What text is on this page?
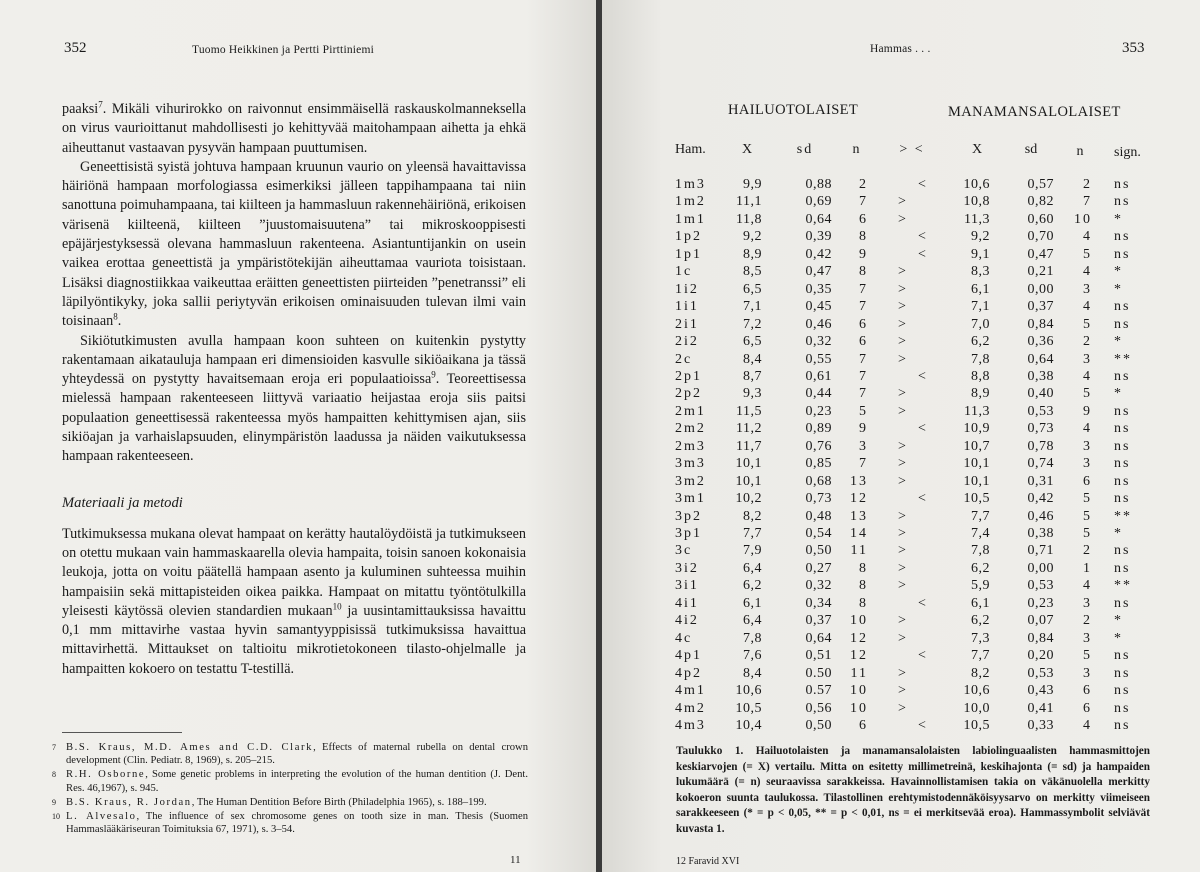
352	Tuomo Heikkinen ja Pertti Pirttiniemi

paaksi$^7$. Mikäli vihurirokko on raivonnut ensimmäisellä raskauskolmanneksella on virus vaurioittanut mahdollisesti jo kehittyvää maitohampaan aihetta ja ehkä aiheuttanut vastaavan pysyvän hampaan puuttumisen.

Geneettisistä syistä johtuva hampaan kruunun vaurio on yleensä havaittavissa häiriönä hampaan morfologiassa esimerkiksi jälleen tappihampaana tai niin sanottuna poimuhampaana, tai kiilteen ja hammasluun rakennehäiriönä, erikoisen värisenä kiilteenä, kiilteen ”juustomaisuutena” tai mikroskooppisesti epäjärjestyksessä olevana hammasluun rakenteena. Asiantuntijankin on usein vaikea erottaa geneettistä ja ympäristötekijän aiheuttamaa vauriota toisistaan. Lisäksi diagnostiikkaa vaikeuttaa eräitten geneettisten piirteiden ”penetranssi” eli läpilyöntikyky, joka sallii periytyvän erikoisen ominaisuuden tulevan ilmi vain toisinaan$^8$.

Sikiötutkimusten avulla hampaan koon suhteen on kuitenkin pystytty rakentamaan aikatauluja hampaan eri dimensioiden kasvulle sikiöaikana ja tässä yhteydessä on pystytty havaitsemaan eroja eri populaatioissa$^9$. Teoreettisessa mielessä hampaan rakenteeseen liittyvä variaatio heijastaa eroja siis paitsi populaation geneettisessä rakenteessa myös hampaitten kehittymisen ajan, siis sikiöajan ja varhaislapsuuden, elinympäristön laadussa ja näiden vaikutuksessa hampaan rakenteeseen.

Materiaali ja metodi

Tutkimuksessa mukana olevat hampaat on kerätty hautalöydöistä ja tutkimukseen on otettu mukaan vain hammaskaarella olevia hampaita, toisin sanoen kokonaisia leukoja, jotta on voitu päätellä hampaan asento ja kuluminen suhteessa muihin hampaisiin sekä mittapisteiden oikea paikka. Hampaat on mitattu työntötulkilla yleisesti käytössä olevien standardien mukaan$^{10}$ ja uusintamittauksissa havaittu 0,1 mm mittavirhe vastaa hyvin samantyyppisissä tutkimuksissa havaittua mittavirhettä. Mittaukset on taltioitu mikrotietokoneen tilasto-ohjelmalle ja hampaitten kokoero on testattu T-testillä.

7 B.S. Kraus, M.D. Ames and C.D. Clark, Effects of maternal rubella on dental crown development (Clin. Pediatr. 8, 1969), s. 205–215.

8 R.H. Osborne, Some genetic problems in interpreting the evolution of the human dentition (J. Dent. Res. 46,1967), s. 945.

9 B.S. Kraus, R. Jordan, The Human Dentition Before Birth (Philadelphia 1965), s. 188–199.

10 L. Alvesalo, The influence of sex chromosome genes on tooth size in man. Thesis (Suomen Hammaslääkäriseuran Toimituksia 67, 1971), s. 3–54.

11
Hammas . . .	353
HAILUOTOLAISET	MANAMANSALOLAISET
Ham.	X	sd	n	> <	X	sd	n	sign.
1m3	9,9	0,88	2	<	10,6	0,57	2 ns
1m2	11,1	0,69	7 >	10,8	0,82	7 ns
1m1	11,8	0,64	6 >	11,3	0,60	10 *
1p2	9,2	0,39	8	<	9,2	0,70	4 ns
1p1	8,9	0,42	9	<	9,1	0,47	5 ns
1c	8,5	0,47	8 >	8,3	0,21	4 *
1i2	6,5	0,35	7 >	6,1	0,00	3 *
1i1	7,1	0,45	7 >	7,1	0,37	4 ns
2i1	7,2	0,46	6 >	7,0	0,84	5 ns
2i2	6,5	0,32	6 >	6,2	0,36	2 *
2c	8,4	0,55	7 >	7,8	0,64	3 **
2p1	8,7	0,61	7	<	8,8	0,38	4 ns
2p2	9,3	0,44	7 >	8,9	0,40	5 *
2m1	11,5	0,23	5 >	11,3	0,53	9 ns
2m2	11,2	0,89	9	<	10,9	0,73	4 ns
2m3	11,7	0,76	3 >	10,7	0,78	3 ns
3m3	10,1	0,85	7 >	10,1	0,74	3 ns
3m2	10,1	0,68	13 >	10,1	0,31	6 ns
3m1	10,2	0,73	12	<	10,5	0,42	5 ns
3p2	8,2	0,48	13 >	7,7	0,46	5 **
3p1	7,7	0,54	14 >	7,4	0,38	5 *
3c	7,9	0,50	11 >	7,8	0,71	2 ns
3i2	6,4	0,27	8 >	6,2	0,00	1 ns
3i1	6,2	0,32	8 >	5,9	0,53	4 **
4i1	6,1	0,34	8	<	6,1	0,23	3 ns
4i2	6,4	0,37	10 >	6,2	0,07	2 *
4c	7,8	0,64	12 >	7,3	0,84	3 *
4p1	7,6	0,51	12	<	7,7	0,20	5 ns
4p2	8,4	0.50	11 >	8,2	0,53	3 ns
4m1	10,6	0.57	10 >	10,6	0,43	6 ns
4m2	10,5	0,56	10 >	10,0	0,41	6 ns
4m3	10,4	0,50	6	<	10,5	0,33	4 ns

Taulukko 1. Hailuotolaisten ja manamansalolaisten labiolinguaalisten hammasmittojen keskiarvojen (= X) vertailu. Mitta on esitetty millimetreinä, keskihajonta (= sd) ja hampaiden lukumäärä (= n) seuraavissa sarakkeissa. Havainnollistamisen takia on väkänuolella merkitty kokoeron suunta taulukossa. Tilastollinen erehtymistodennäköisyysarvo on merkitty viimeiseen sarakkeeseen (* = p < 0,05, ** = p < 0,01, ns = ei merkitsevää eroa). Hammassymbolit selviävät kuvasta 1.

12 Faravid XVI
